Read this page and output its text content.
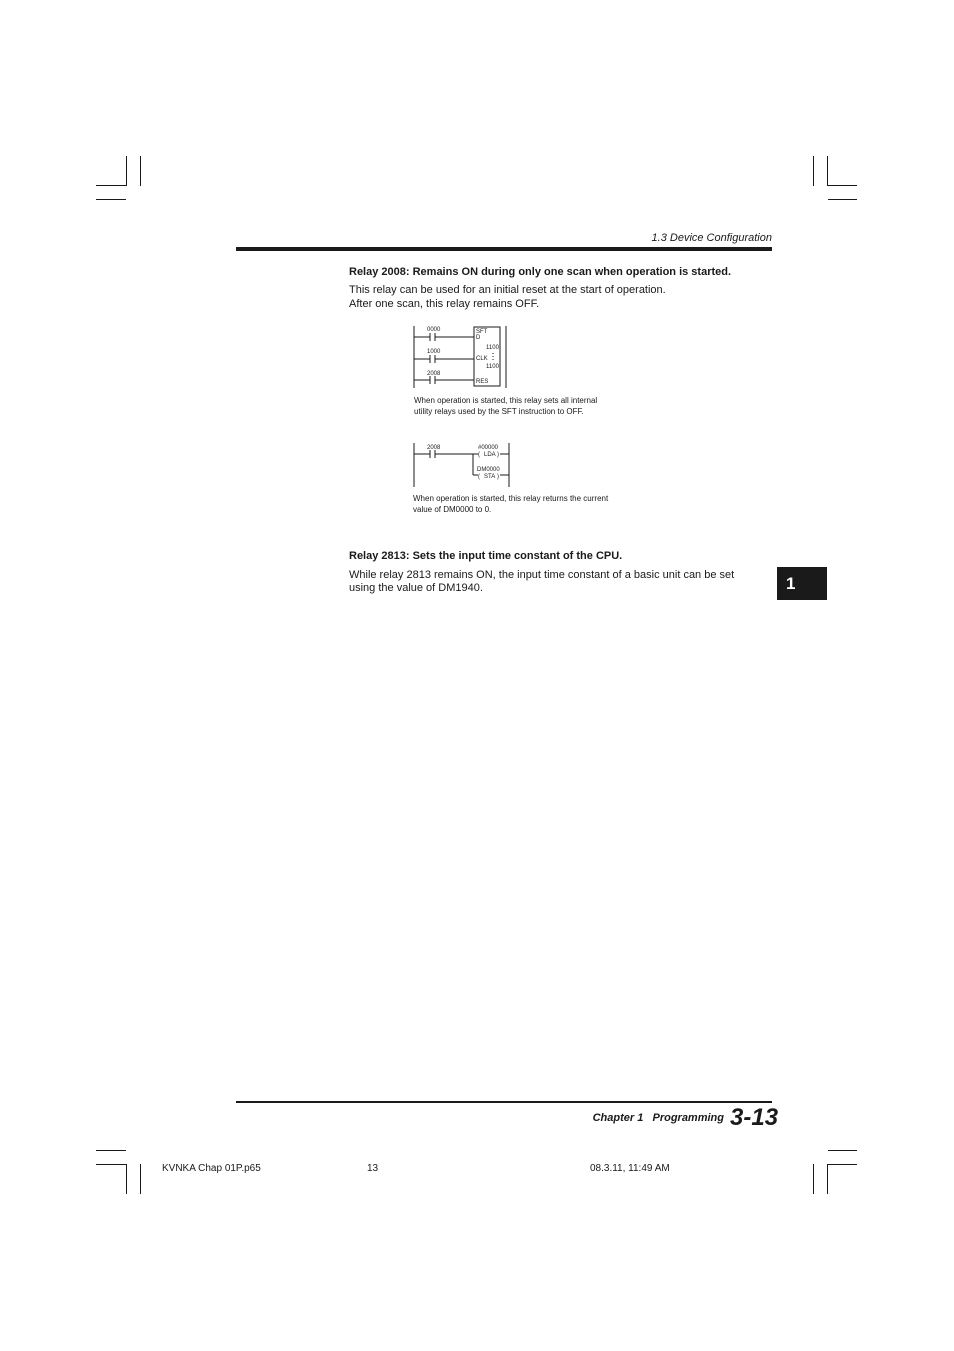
1.3 Device Configuration
Relay 2008: Remains ON during only one scan when operation is started.
This relay can be used for an initial reset at the start of operation.
After one scan, this relay remains OFF.
0000
1000
2008
SFT
D
CLK
RES
1100
1100
When operation is started, this relay sets all internal
utility relays used by the SFT instruction to OFF.
2008	#00000
( LDA )
DM0000
( STA )
When operation is started, this relay returns the current
value of DM0000 to 0.
Relay 2813: Sets the input time constant of the CPU.
While relay 2813 remains ON, the input time constant of a basic unit can be set
using the value of DM1940.	1
Chapter 1   Programming 3-13
KVNKA Chap 01P.p65	13	08.3.11, 11:49 AM
